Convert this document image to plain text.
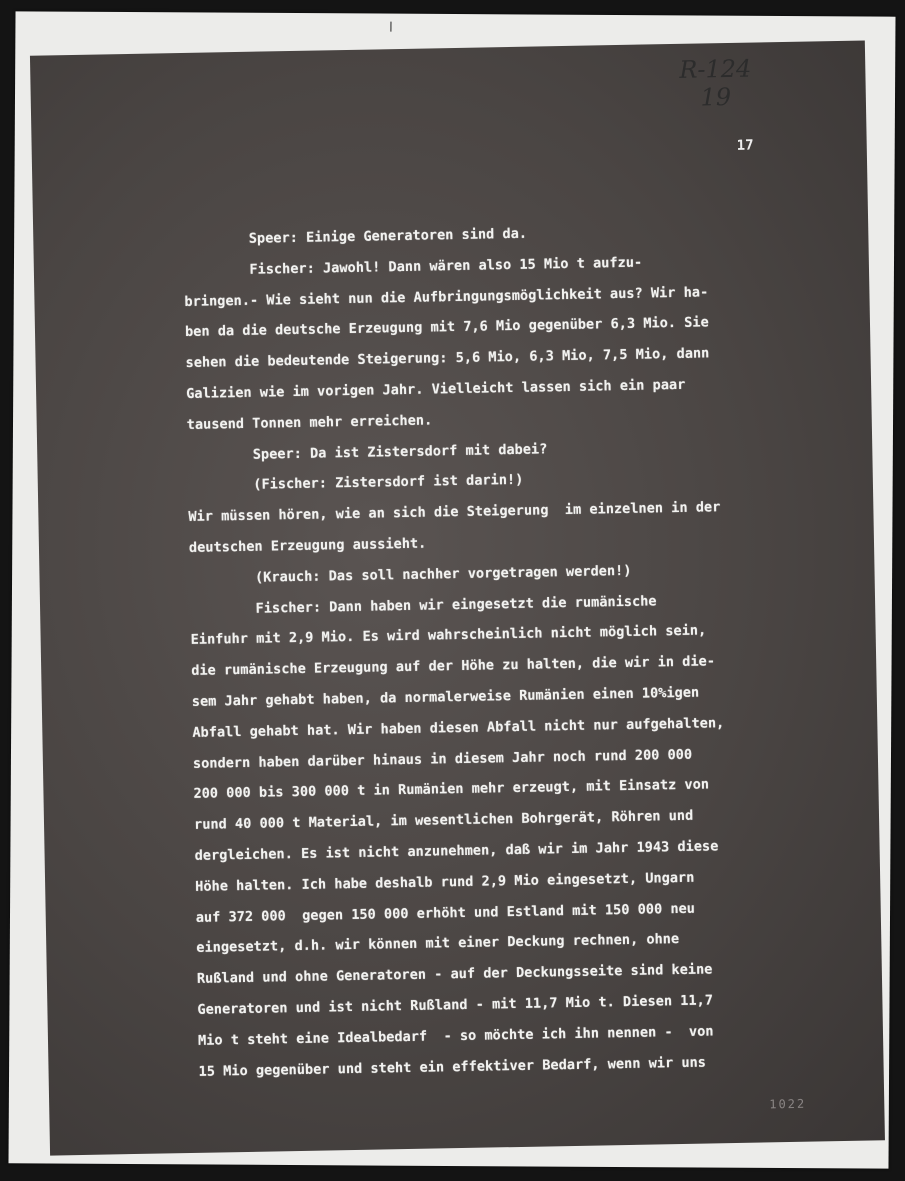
R-124
19
17
Speer: Einige Generatoren sind da.
Fischer: Jawohl! Dann wären also 15 Mio t aufzu-
bringen.- Wie sieht nun die Aufbringungsmöglichkeit aus? Wir ha-
ben da die deutsche Erzeugung mit 7,6 Mio gegenüber 6,3 Mio. Sie
sehen die bedeutende Steigerung: 5,6 Mio, 6,3 Mio, 7,5 Mio, dann
Galizien wie im vorigen Jahr. Vielleicht lassen sich ein paar
tausend Tonnen mehr erreichen.
Speer: Da ist Zistersdorf mit dabei?
(Fischer: Zistersdorf ist darin!)
Wir müssen hören, wie an sich die Steigerung  im einzelnen in der
deutschen Erzeugung aussieht.
(Krauch: Das soll nachher vorgetragen werden!)
Fischer: Dann haben wir eingesetzt die rumänische
Einfuhr mit 2,9 Mio. Es wird wahrscheinlich nicht möglich sein,
die rumänische Erzeugung auf der Höhe zu halten, die wir in die-
sem Jahr gehabt haben, da normalerweise Rumänien einen 10%igen
Abfall gehabt hat. Wir haben diesen Abfall nicht nur aufgehalten,
sondern haben darüber hinaus in diesem Jahr noch rund 200 000
200 000 bis 300 000 t in Rumänien mehr erzeugt, mit Einsatz von
rund 40 000 t Material, im wesentlichen Bohrgerät, Röhren und
dergleichen. Es ist nicht anzunehmen, daß wir im Jahr 1943 diese
Höhe halten. Ich habe deshalb rund 2,9 Mio eingesetzt, Ungarn
auf 372 000  gegen 150 000 erhöht und Estland mit 150 000 neu
eingesetzt, d.h. wir können mit einer Deckung rechnen, ohne
Rußland und ohne Generatoren - auf der Deckungsseite sind keine
Generatoren und ist nicht Rußland - mit 11,7 Mio t. Diesen 11,7
Mio t steht eine Idealbedarf  - so möchte ich ihn nennen -  von
15 Mio gegenüber und steht ein effektiver Bedarf, wenn wir uns
1022
